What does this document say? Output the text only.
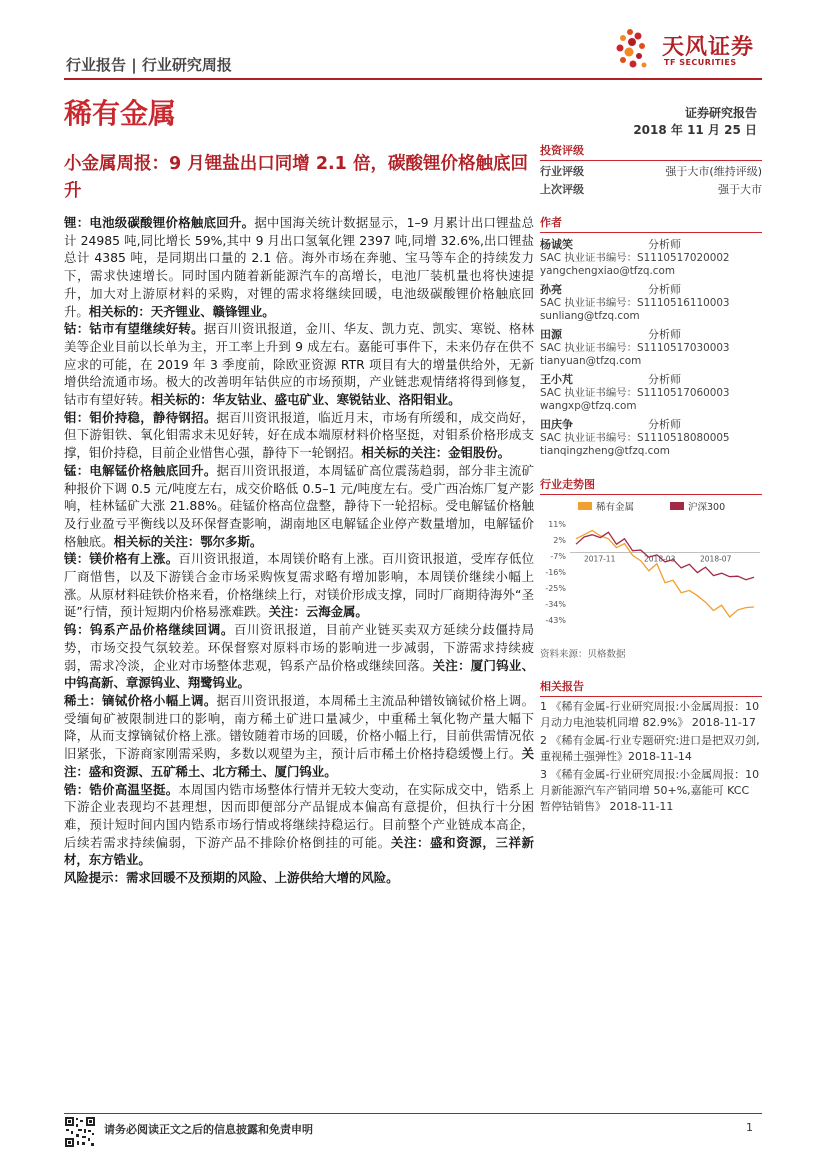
行业报告 | 行业研究周报
天风证券
TF SECURITIES
稀有金属	证券研究报告
2018 年 11 月 25 日
小金属周报：9 月锂盐出口同增 2.1 倍，碳酸锂价格触底回升

锂：电池级碳酸锂价格触底回升。据中国海关统计数据显示，1–9 月累计出口锂盐总计 24985 吨,同比增长 59%,其中 9 月出口氢氧化锂 2397 吨,同增 32.6%,出口锂盐总计 4385 吨，是同期出口量的 2.1 倍。海外市场在奔驰、宝马等车企的持续发力下，需求快速增长。同时国内随着新能源汽车的高增长，电池厂装机量也将快速提升，加大对上游原材料的采购，对锂的需求将继续回暖，电池级碳酸锂价格触底回升。相关标的：天齐锂业、赣锋锂业。

钴：钴市有望继续好转。据百川资讯报道，金川、华友、凯力克、凯实、寒锐、格林美等企业目前以长单为主，开工率上升到 9 成左右。嘉能可事件下，未来仍存在供不应求的可能，在 2019 年 3 季度前，除欧亚资源 RTR 项目有大的增量供给外，无新增供给流通市场。极大的改善明年钴供应的市场预期，产业链悲观情绪将得到修复，钴市有望好转。相关标的：华友钴业、盛屯矿业、寒锐钴业、洛阳钼业。

钼：钼价持稳，静待钢招。据百川资讯报道，临近月末，市场有所缓和，成交尚好，但下游钼铁、氧化钼需求未见好转，好在成本端原材料价格坚挺，对钼系价格形成支撑，钼价持稳，目前企业惜售心强，静待下一轮钢招。相关标的关注：金钼股份。

锰：电解锰价格触底回升。据百川资讯报道，本周锰矿高位震荡趋弱，部分非主流矿种报价下调 0.5 元/吨度左右，成交价略低 0.5–1 元/吨度左右。受广西冶炼厂复产影响，桂林锰矿大涨 21.88%。硅锰价格高位盘整，静待下一轮招标。受电解锰价格触及行业盈亏平衡线以及环保督查影响，湖南地区电解锰企业停产数量增加，电解锰价格触底。相关标的关注：鄂尔多斯。

镁：镁价格有上涨。百川资讯报道，本周镁价略有上涨。百川资讯报道，受库存低位厂商惜售，以及下游镁合金市场采购恢复需求略有增加影响，本周镁价继续小幅上涨。从原材料硅铁价格来看，价格继续上行，对镁价形成支撑，同时厂商期待海外“圣诞”行情，预计短期内价格易涨难跌。关注：云海金属。

钨：钨系产品价格继续回调。百川资讯报道，目前产业链买卖双方延续分歧僵持局势，市场交投气氛较差。环保督察对原料市场的影响进一步减弱，下游需求持续疲弱，需求冷淡，企业对市场整体悲观，钨系产品价格或继续回落。关注：厦门钨业、中钨高新、章源钨业、翔鹭钨业。

稀土：镝铽价格小幅上调。据百川资讯报道，本周稀土主流品种镨钕镝铽价格上调。受缅甸矿被限制进口的影响，南方稀土矿进口量减少，中重稀土氧化物产量大幅下降，从而支撑镝铽价格上涨。镨钕随着市场的回暖，价格小幅上行，目前供需情况依旧紧张，下游商家刚需采购，多数以观望为主，预计后市稀土价格持稳缓慢上行。关注：盛和资源、五矿稀土、北方稀土、厦门钨业。

锆：锆价高温坚挺。本周国内锆市场整体行情并无较大变动，在实际成交中，锆系上下游企业表现均不甚理想，因而即便部分产品锟成本偏高有意提价，但执行十分困难，预计短时间内国内锆系市场行情或将继续持稳运行。目前整个产业链成本高企，后续若需求持续偏弱，下游产品不排除价格倒挂的可能。关注：盛和资源，三祥新材，东方锆业。

风险提示：需求回暖不及预期的风险、上游供给大增的风险。

投资评级
行业评级	强于大市(维持评级)
上次评级	强于大市
作者
杨诚笑	分析师
SAC 执业证书编号：S1110517020002
yangchengxiao@tfzq.com
孙亮	分析师
SAC 执业证书编号：S1110516110003
sunliang@tfzq.com
田源	分析师
SAC 执业证书编号：S1110517030003
tianyuan@tfzq.com
王小芃	分析师
SAC 执业证书编号：S1110517060003
wangxp@tfzq.com
田庆争	分析师
SAC 执业证书编号：S1110518080005
tianqingzheng@tfzq.com
行业走势图
稀有金属	沪深300
11%
2%
-7%
-16%
-25%
-34%
-43%
2017-11	2018-03	2018-07
资料来源：贝格数据
相关报告
1 《稀有金属-行业研究周报:小金属周报：10 月动力电池装机同增 82.9%》 2018-11-17
2 《稀有金属-行业专题研究:进口是把双刃剑,重视稀土强弹性》2018-11-14
3 《稀有金属-行业研究周报:小金属周报：10 月新能源汽车产销同增 50+%,嘉能可 KCC 暂停钴销售》 2018-11-11
请务必阅读正文之后的信息披露和免责申明	1
